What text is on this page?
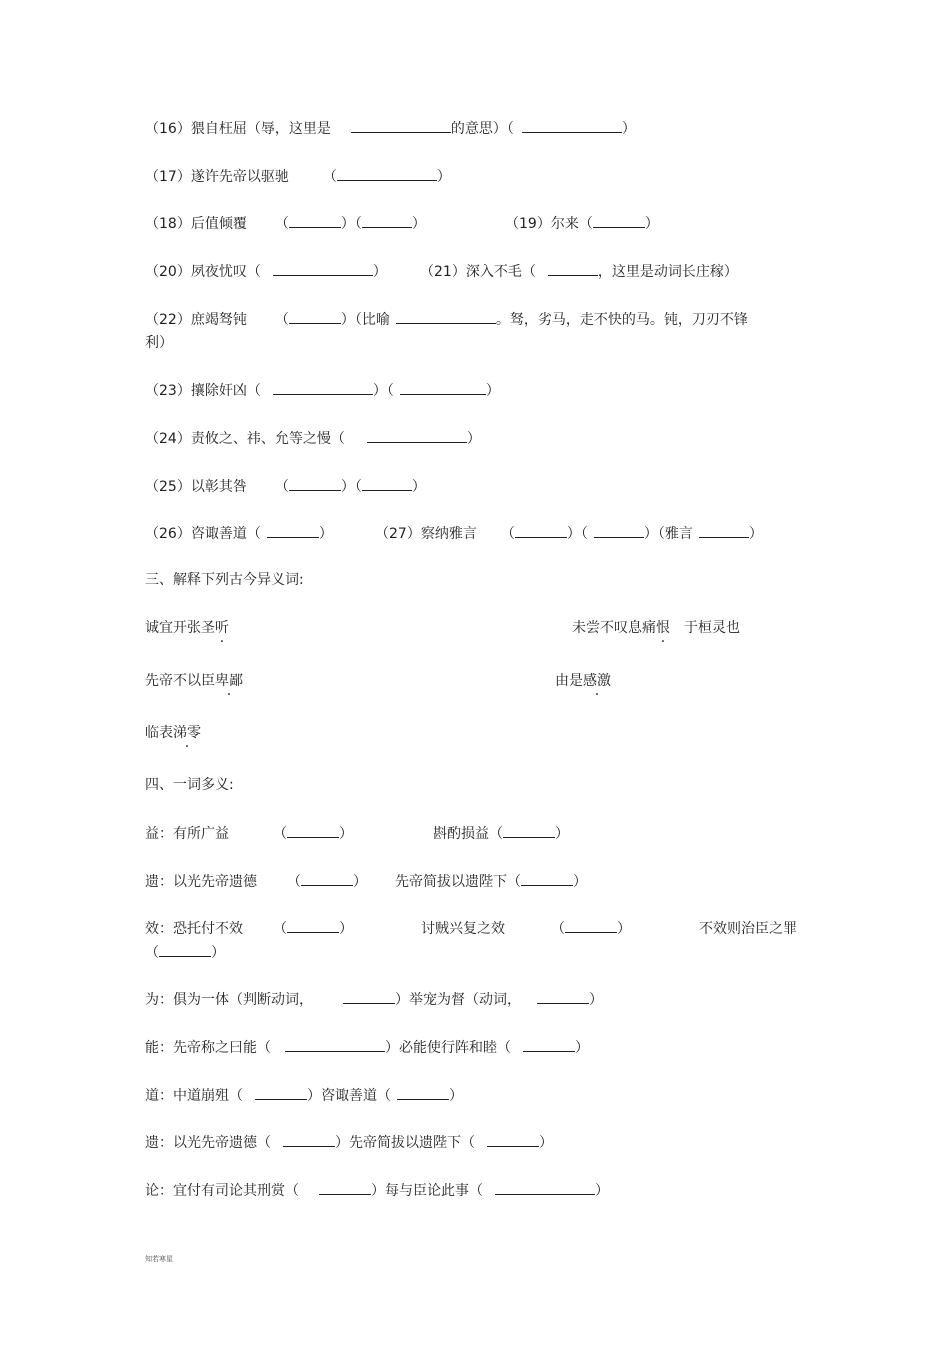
（16）猥自枉屈（辱，这里是	的意思）（	）
（17）遂许先帝以驱驰 （	）
（18）后值倾覆 （	）（	）	（19）尔来（	）
（20）夙夜忧叹（	） （21）深入不毛（	，这里是动词长庄稼）
（22）庶竭驽钝 （	）（比喻	。驽，劣马，走不快的马。钝，刀刃不锋
利）
（23）攘除奸凶（	）（	）
（24）责攸之、祎、允等之慢（	）
（25）以彰其咎 （	）（	）
（26）咨诹善道（	）	（27）察纳雅言 （	）（	）（雅言	）
三、解释下列古今异义词:
诚宜开张圣听	未尝不叹息痛恨 于桓灵也
先帝不以臣卑鄙	由是感激
临表涕零
四、一词多义:
益：有所广益	（	）	斟酌损益（	）
遗：以光先帝遗德 （	） 先帝简拔以遗陛下（	）
效：恐托付不效 （	）	讨贼兴复之效	（	）	不效则治臣之罪
（	）
为：俱为一体（判断动词，	）举宠为督（动词，	）
能：先帝称之曰能（	）必能使行阵和睦（	）
道：中道崩殂（	）咨诹善道（	）
遗：以光先帝遗德（	）先帝简拔以遗陛下（	）
论：宜付有司论其刑赏（	）每与臣论此事（	）
知若寒星
